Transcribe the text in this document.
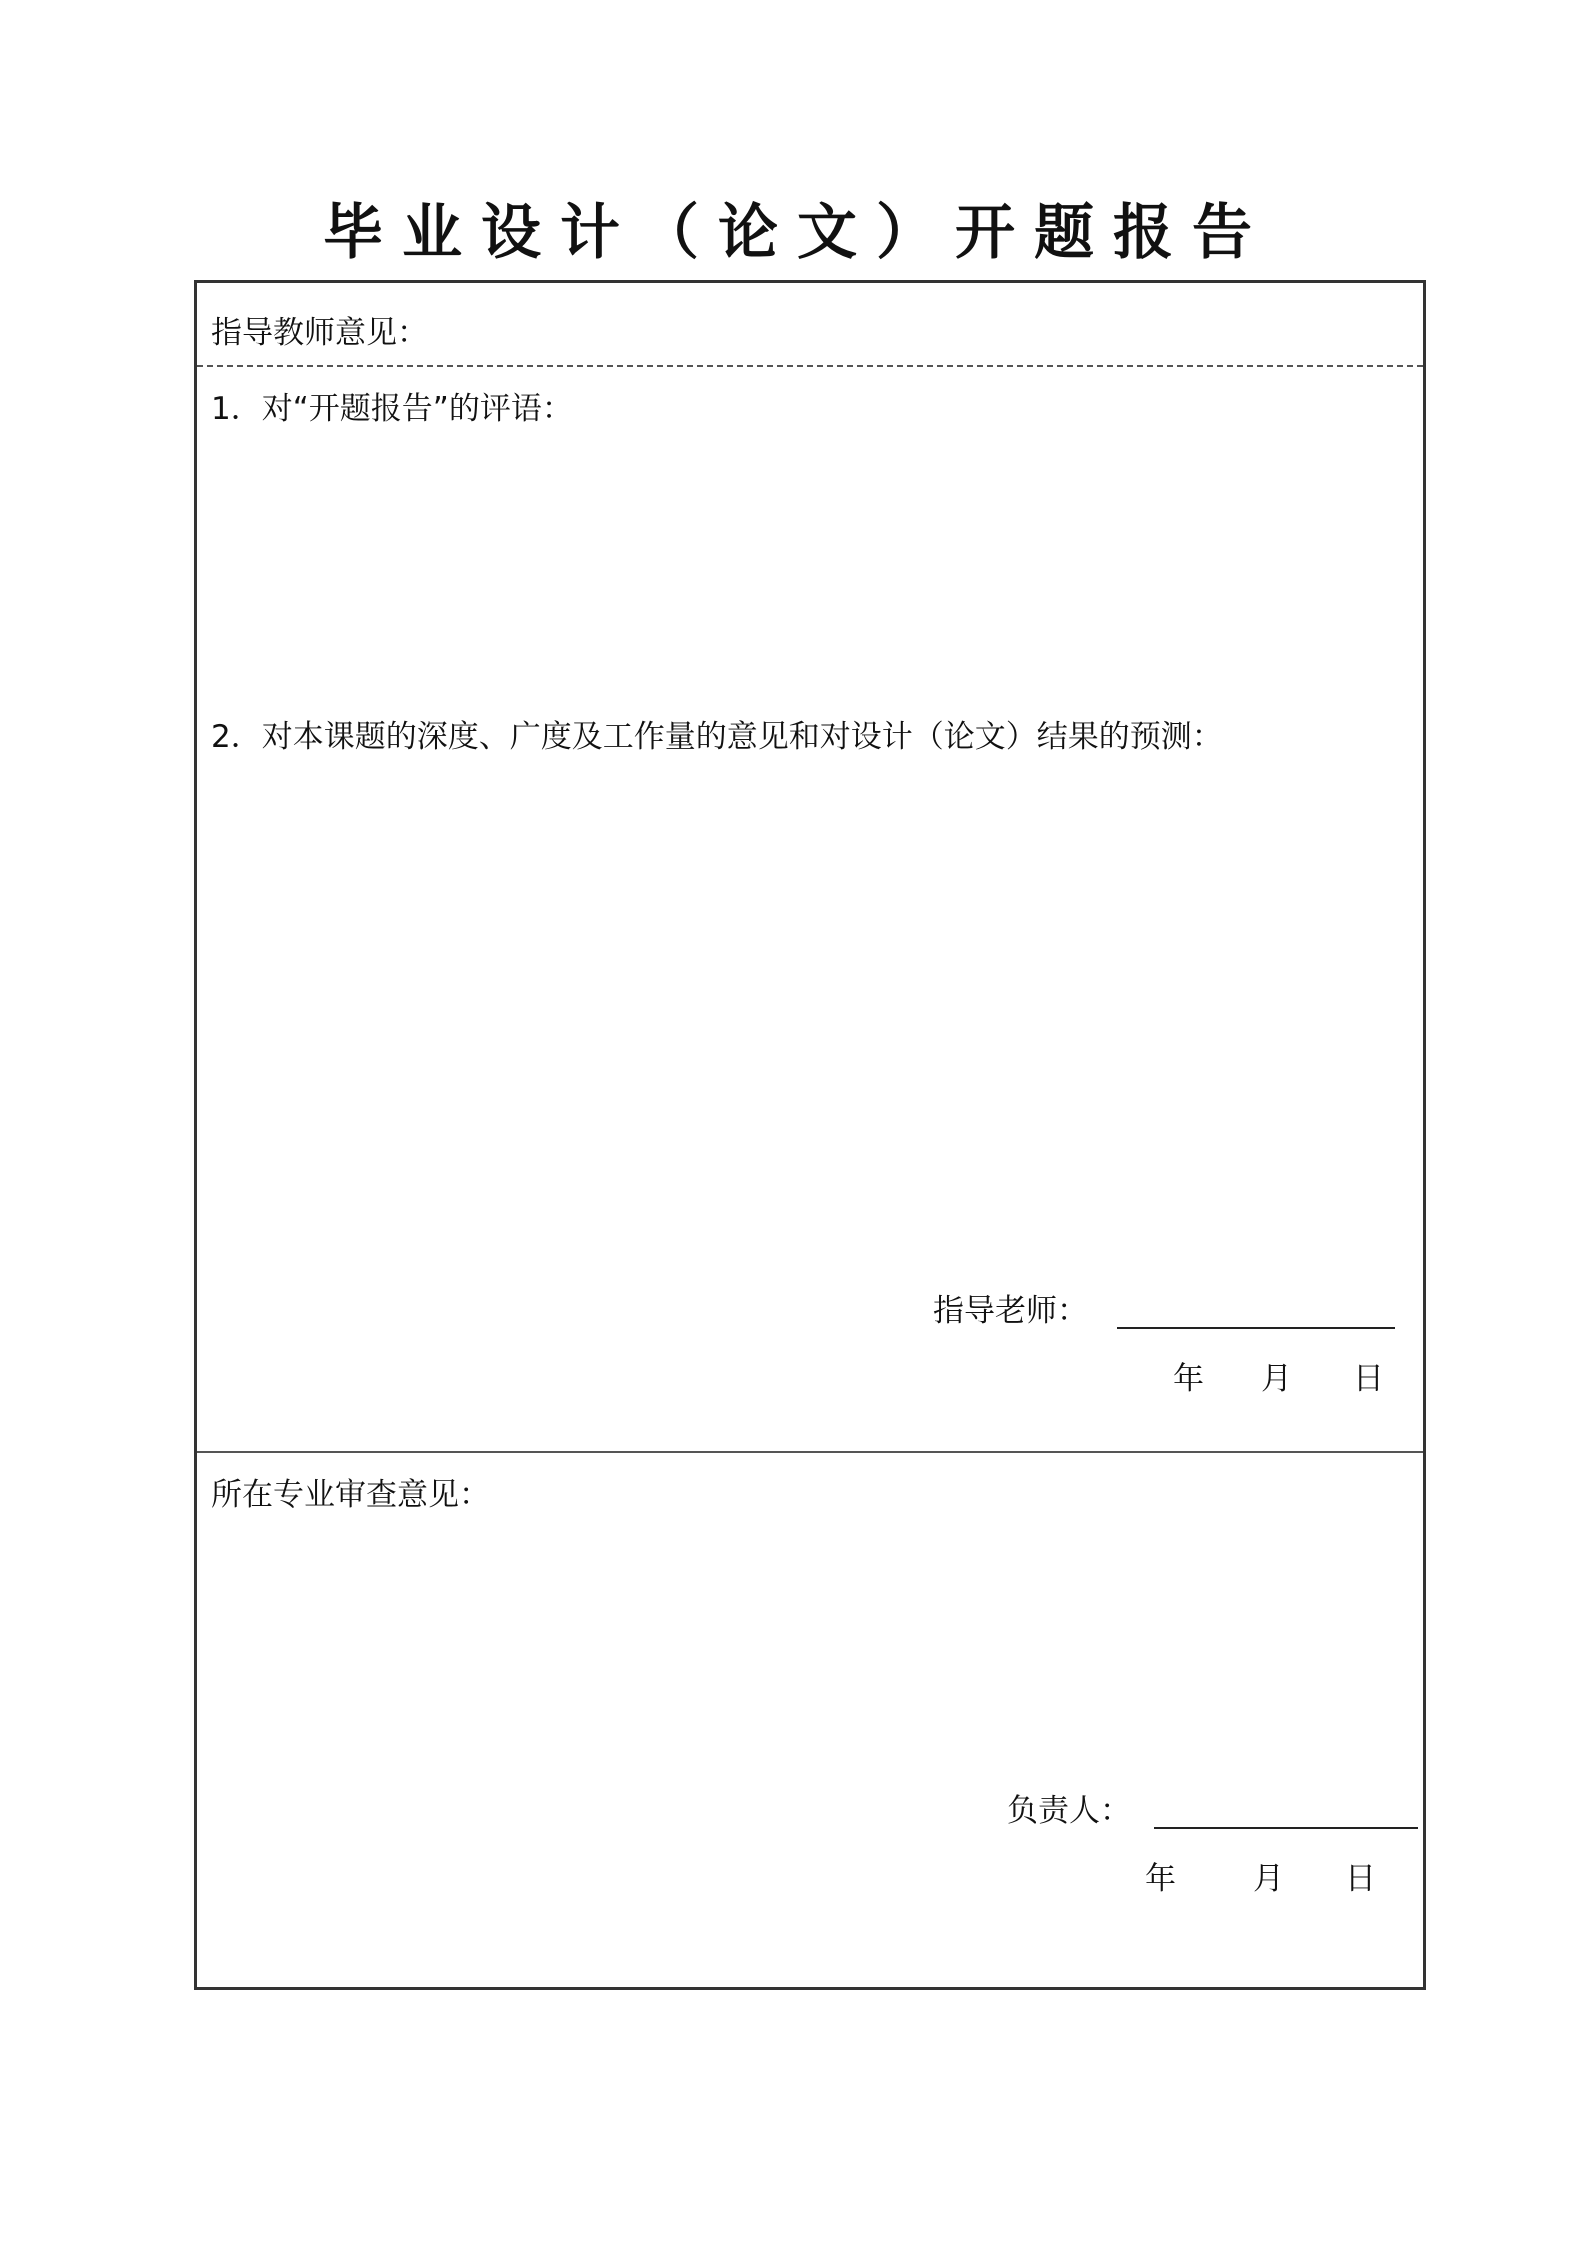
毕业设计（论文）开题报告
指导教师意见：
1．对“开题报告”的评语：
2．对本课题的深度、广度及工作量的意见和对设计（论文）结果的预测：
指导老师：
年 月 日
所在专业审查意见：
负责人：
年 月 日
